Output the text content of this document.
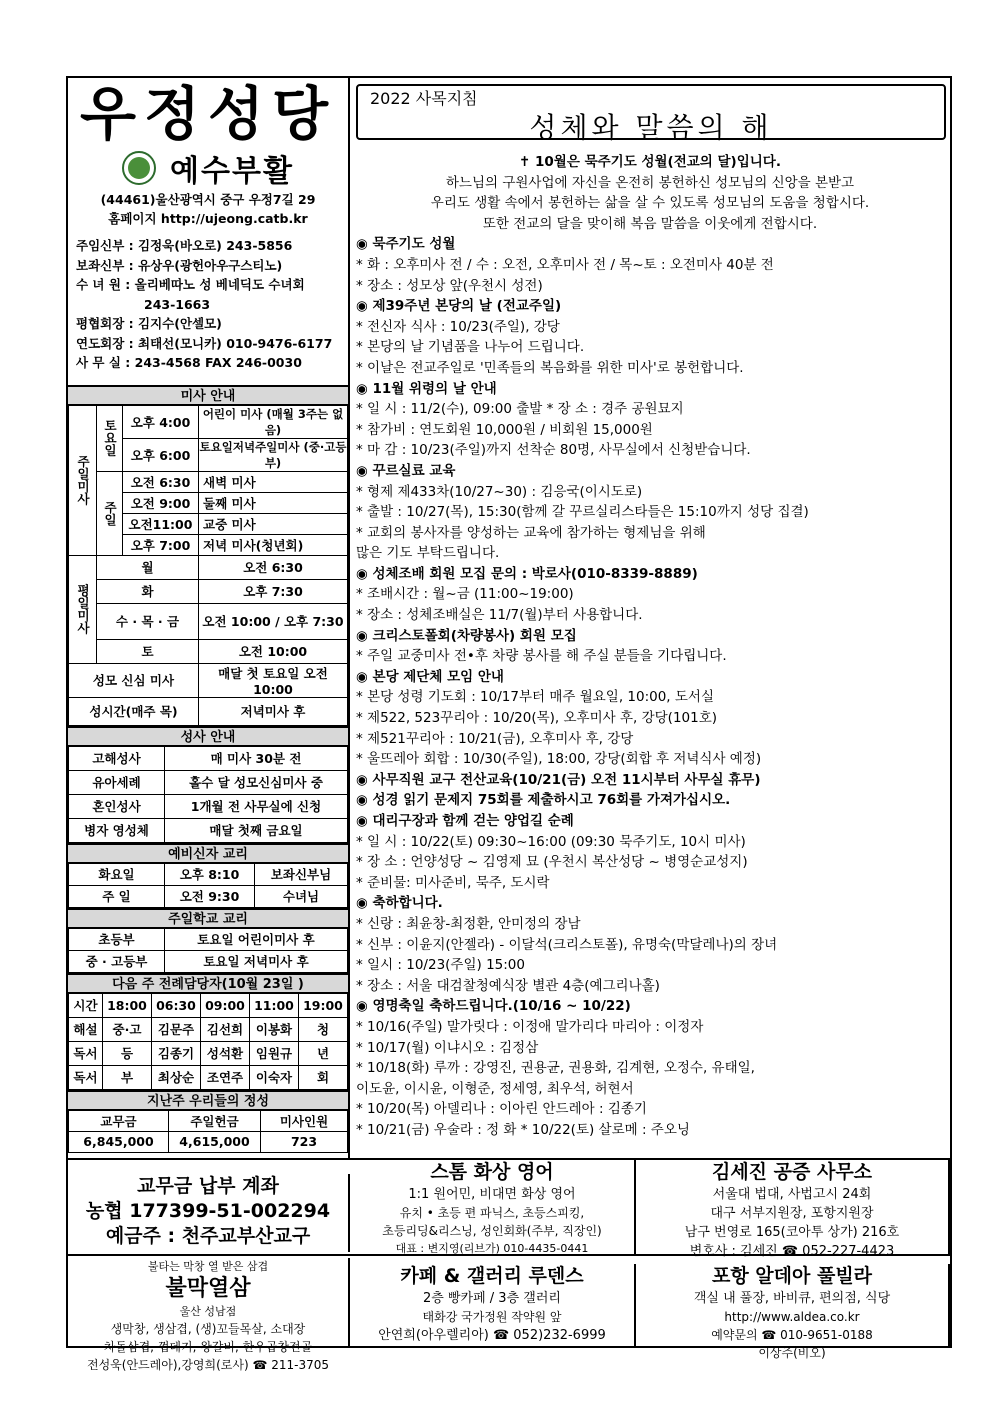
우정성당
예수부활
(44461)울산광역시 중구 우정7길 29
홈페이지 http://ujeong.catb.kr
주임신부 : 김정욱(바오로) 243-5856
보좌신부 : 유상우(광헌아우구스티노)
수 녀 원 : 올리베따노 성 베네딕도 수녀회
243-1663
평협회장 : 김지수(안셀모)
연도회장 : 최태선(모니카) 010-9476-6177
사 무 실 : 243-4568 FAX 246-0030
미사 안내
주일미사	토요일	오후 4:00	어린이 미사 (매월 3주는 없음)
		오후 6:00	토요일저녁주일미사 (중·고등부)
	주일	오전 6:30	새벽 미사
		오전 9:00	둘째 미사
		오전11:00	교중 미사
		오후 7:00	저녁 미사(청년회)
평일미사	월		오전 6:30
	화		오후 7:30
	수 · 목 · 금		오전 10:00 / 오후 7:30
	토		오전 10:00
성모 신심 미사			매달 첫 토요일 오전 10:00
성시간(매주 목)			저녁미사 후
성사 안내
고해성사	매 미사 30분 전
유아세례	홀수 달 성모신심미사 중
혼인성사	1개월 전 사무실에 신청
병자 영성체	매달 첫째 금요일
예비신자 교리
화요일	오후 8:10	보좌신부님
주 일	오전 9:30	수녀님
주일학교 교리
초등부	토요일 어린이미사 후
중 · 고등부	토요일 저녁미사 후
다음 주 전례담당자(10월 23일 )
시간	18:00	06:30	09:00	11:00	19:00
해설	중·고	김문주	김선희	이봉화	청
독서	등	김종기	성석환	임원규	년
독서	부	최상순	조연주	이숙자	회
지난주 우리들의 정성
교무금	주일헌금	미사인원
6,845,000	4,615,000	723
2022 사목지침
성체와 말씀의 해
✝ 10월은 묵주기도 성월(전교의 달)입니다.
하느님의 구원사업에 자신을 온전히 봉헌하신 성모님의 신앙을 본받고
우리도 생활 속에서 봉헌하는 삶을 살 수 있도록 성모님의 도움을 청합시다.
또한 전교의 달을 맞이해 복음 말씀을 이웃에게 전합시다.
◉ 묵주기도 성월
* 화 : 오후미사 전 / 수 : 오전, 오후미사 전 / 목~토 : 오전미사 40분 전
* 장소 : 성모상 앞(우천시 성전)
◉ 제39주년 본당의 날 (전교주일)
* 전신자 식사 : 10/23(주일), 강당
* 본당의 날 기념품을 나누어 드립니다.
* 이날은 전교주일로 '민족들의 복음화를 위한 미사'로 봉헌합니다.
◉ 11월 위령의 날 안내
* 일 시 : 11/2(수), 09:00 출발 * 장 소 : 경주 공원묘지
* 참가비 : 연도회원 10,000원 / 비회원 15,000원
* 마 감 : 10/23(주일)까지 선착순 80명, 사무실에서 신청받습니다.
◉ 꾸르실료 교육
* 형제 제433차(10/27~30) : 김응국(이시도로)
* 출발 : 10/27(목), 15:30(함께 갈 꾸르실리스타들은 15:10까지 성당 집결)
* 교회의 봉사자를 양성하는 교육에 참가하는 형제님을 위해
많은 기도 부탁드립니다.
◉ 성체조배 회원 모집 문의 : 박로사(010-8339-8889)
* 조배시간 : 월~금 (11:00~19:00)
* 장소 : 성체조배실은 11/7(월)부터 사용합니다.
◉ 크리스토폴회(차량봉사) 회원 모집
* 주일 교중미사 전•후 차량 봉사를 해 주실 분들을 기다립니다.
◉ 본당 제단체 모임 안내
* 본당 성령 기도회 : 10/17부터 매주 월요일, 10:00, 도서실
* 제522, 523꾸리아 : 10/20(목), 오후미사 후, 강당(101호)
* 제521꾸리아 : 10/21(금), 오후미사 후, 강당
* 울뜨레아 회합 : 10/30(주일), 18:00, 강당(회합 후 저녁식사 예정)
◉ 사무직원 교구 전산교육(10/21(금) 오전 11시부터 사무실 휴무)
◉ 성경 읽기 문제지 75회를 제출하시고 76회를 가져가십시오.
◉ 대리구장과 함께 걷는 양업길 순례
* 일 시 : 10/22(토) 09:30~16:00 (09:30 묵주기도, 10시 미사)
* 장 소 : 언양성당 ~ 김영제 묘 (우천시 복산성당 ~ 병영순교성지)
* 준비물: 미사준비, 묵주, 도시락
◉ 축하합니다.
* 신랑 : 최윤창-최정환, 안미정의 장남
* 신부 : 이윤지(안젤라) - 이달석(크리스토폴), 유명숙(막달레나)의 장녀
* 일시 : 10/23(주일) 15:00
* 장소 : 서울 대검찰청예식장 별관 4층(예그리나홀)
◉ 영명축일 축하드립니다.(10/16 ~ 10/22)
* 10/16(주일) 말가릿다 : 이정애 말가리다 마리아 : 이정자
* 10/17(월) 이냐시오 : 김정삼
* 10/18(화) 루까 : 강영진, 권용균, 권용화, 김계현, 오정수, 유태일,
이도윤, 이시윤, 이형준, 정세영, 최우석, 허현서
* 10/20(목) 아델리나 : 이아린 안드레아 : 김종기
* 10/21(금) 우술라 : 정 화 * 10/22(토) 살로메 : 주오닝
교무금 납부 계좌
농협 177399-51-002294
예금주 : 천주교부산교구
스톰 화상 영어
1:1 원어민, 비대면 화상 영어
유치 • 초등 편 파닉스, 초등스피킹,
초등리딩&리스닝, 성인회화(주부, 직장인)
대표 : 변지영(리브가) 010-4435-0441
김세진 공증 사무소
서울대 법대, 사법고시 24회
대구 서부지원장, 포항지원장
남구 번영로 165(코아투 상가) 216호
변호사 : 김세진 ☎ 052-227-4423
불타는 막창 열 받은 삼겹
불막열삼
울산 성남점
생막창, 생삼겹, (생)꼬들목살, 소대장
차돌삼겹, 껍데기, 왕갈비, 한우곱창전골
전성욱(안드레아),강영희(로사) ☎ 211-3705
카페 & 갤러리 루덴스
2층 빵카페 / 3층 갤러리
태화강 국가정원 작약원 앞
안연희(아우렐리아) ☎ 052)232-6999
포항 알데아 풀빌라
객실 내 풀장, 바비큐, 편의점, 식당
http://www.aldea.co.kr
예약문의 ☎ 010-9651-0188
이상주(비오)
